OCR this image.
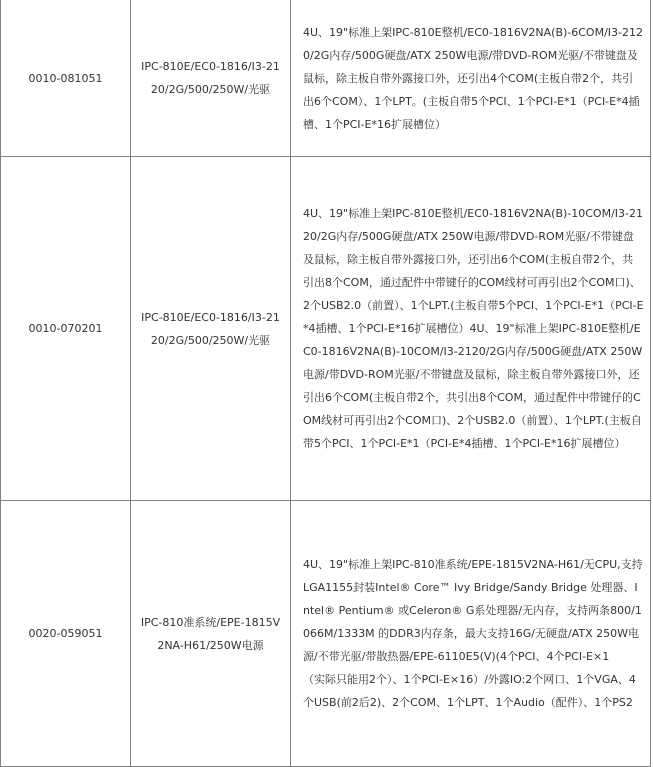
0010-081051	IPC-810E/EC0-1816/I3-2120/2G/500/250W/光驱	4U、19"标准上架IPC-810E整机/EC0-1816V2NA(B)-6COM/I3-2120/2G内存/500G硬盘/ATX 250W电源/带DVD-ROM光驱/不带键盘及鼠标，除主板自带外露接口外，还引出4个COM(主板自带2个，共引出6个COM）、1个LPT。(主板自带5个PCI、1个PCI-E*1（PCI-E*4插槽、1个PCI-E*16扩展槽位）
0010-070201	IPC-810E/EC0-1816/I3-2120/2G/500/250W/光驱	4U、19"标准上架IPC-810E整机/EC0-1816V2NA(B)-10COM/I3-2120/2G内存/500G硬盘/ATX 250W电源/带DVD-ROM光驱/不带键盘及鼠标，除主板自带外露接口外，还引出6个COM(主板自带2个，共引出8个COM，通过配件中带键仔的COM线材可再引出2个COM口)、2个USB2.0（前置）、1个LPT.(主板自带5个PCI、1个PCI-E*1（PCI-E*4插槽、1个PCI-E*16扩展槽位）4U、19"标准上架IPC-810E整机/EC0-1816V2NA(B)-10COM/I3-2120/2G内存/500G硬盘/ATX 250W电源/带DVD-ROM光驱/不带键盘及鼠标，除主板自带外露接口外，还引出6个COM(主板自带2个，共引出8个COM，通过配件中带键仔的COM线材可再引出2个COM口)、2个USB2.0（前置）、1个LPT.(主板自带5个PCI、1个PCI-E*1（PCI-E*4插槽、1个PCI-E*16扩展槽位）
0020-059051	IPC-810准系统/EPE-1815V2NA-H61/250W电源	4U、19"标准上架IPC-810准系统/EPE-1815V2NA-H61/无CPU,支持LGA1155封装Intel® Core™ Ivy Bridge/Sandy Bridge 处理器、Intel® Pentium® 或Celeron® G系处理器/无内存，支持两条800/1066M/1333M 的DDR3内存条，最大支持16G/无硬盘/ATX 250W电源/不带光驱/带散热器/EPE-6110E5(V)(4个PCI、4个PCI-E×1
（实际只能用2个）、1个PCI-E×16）/外露IO:2个网口、1个VGA、4个USB(前2后2)、2个COM、1个LPT、1个Audio（配件）、1个PS2
